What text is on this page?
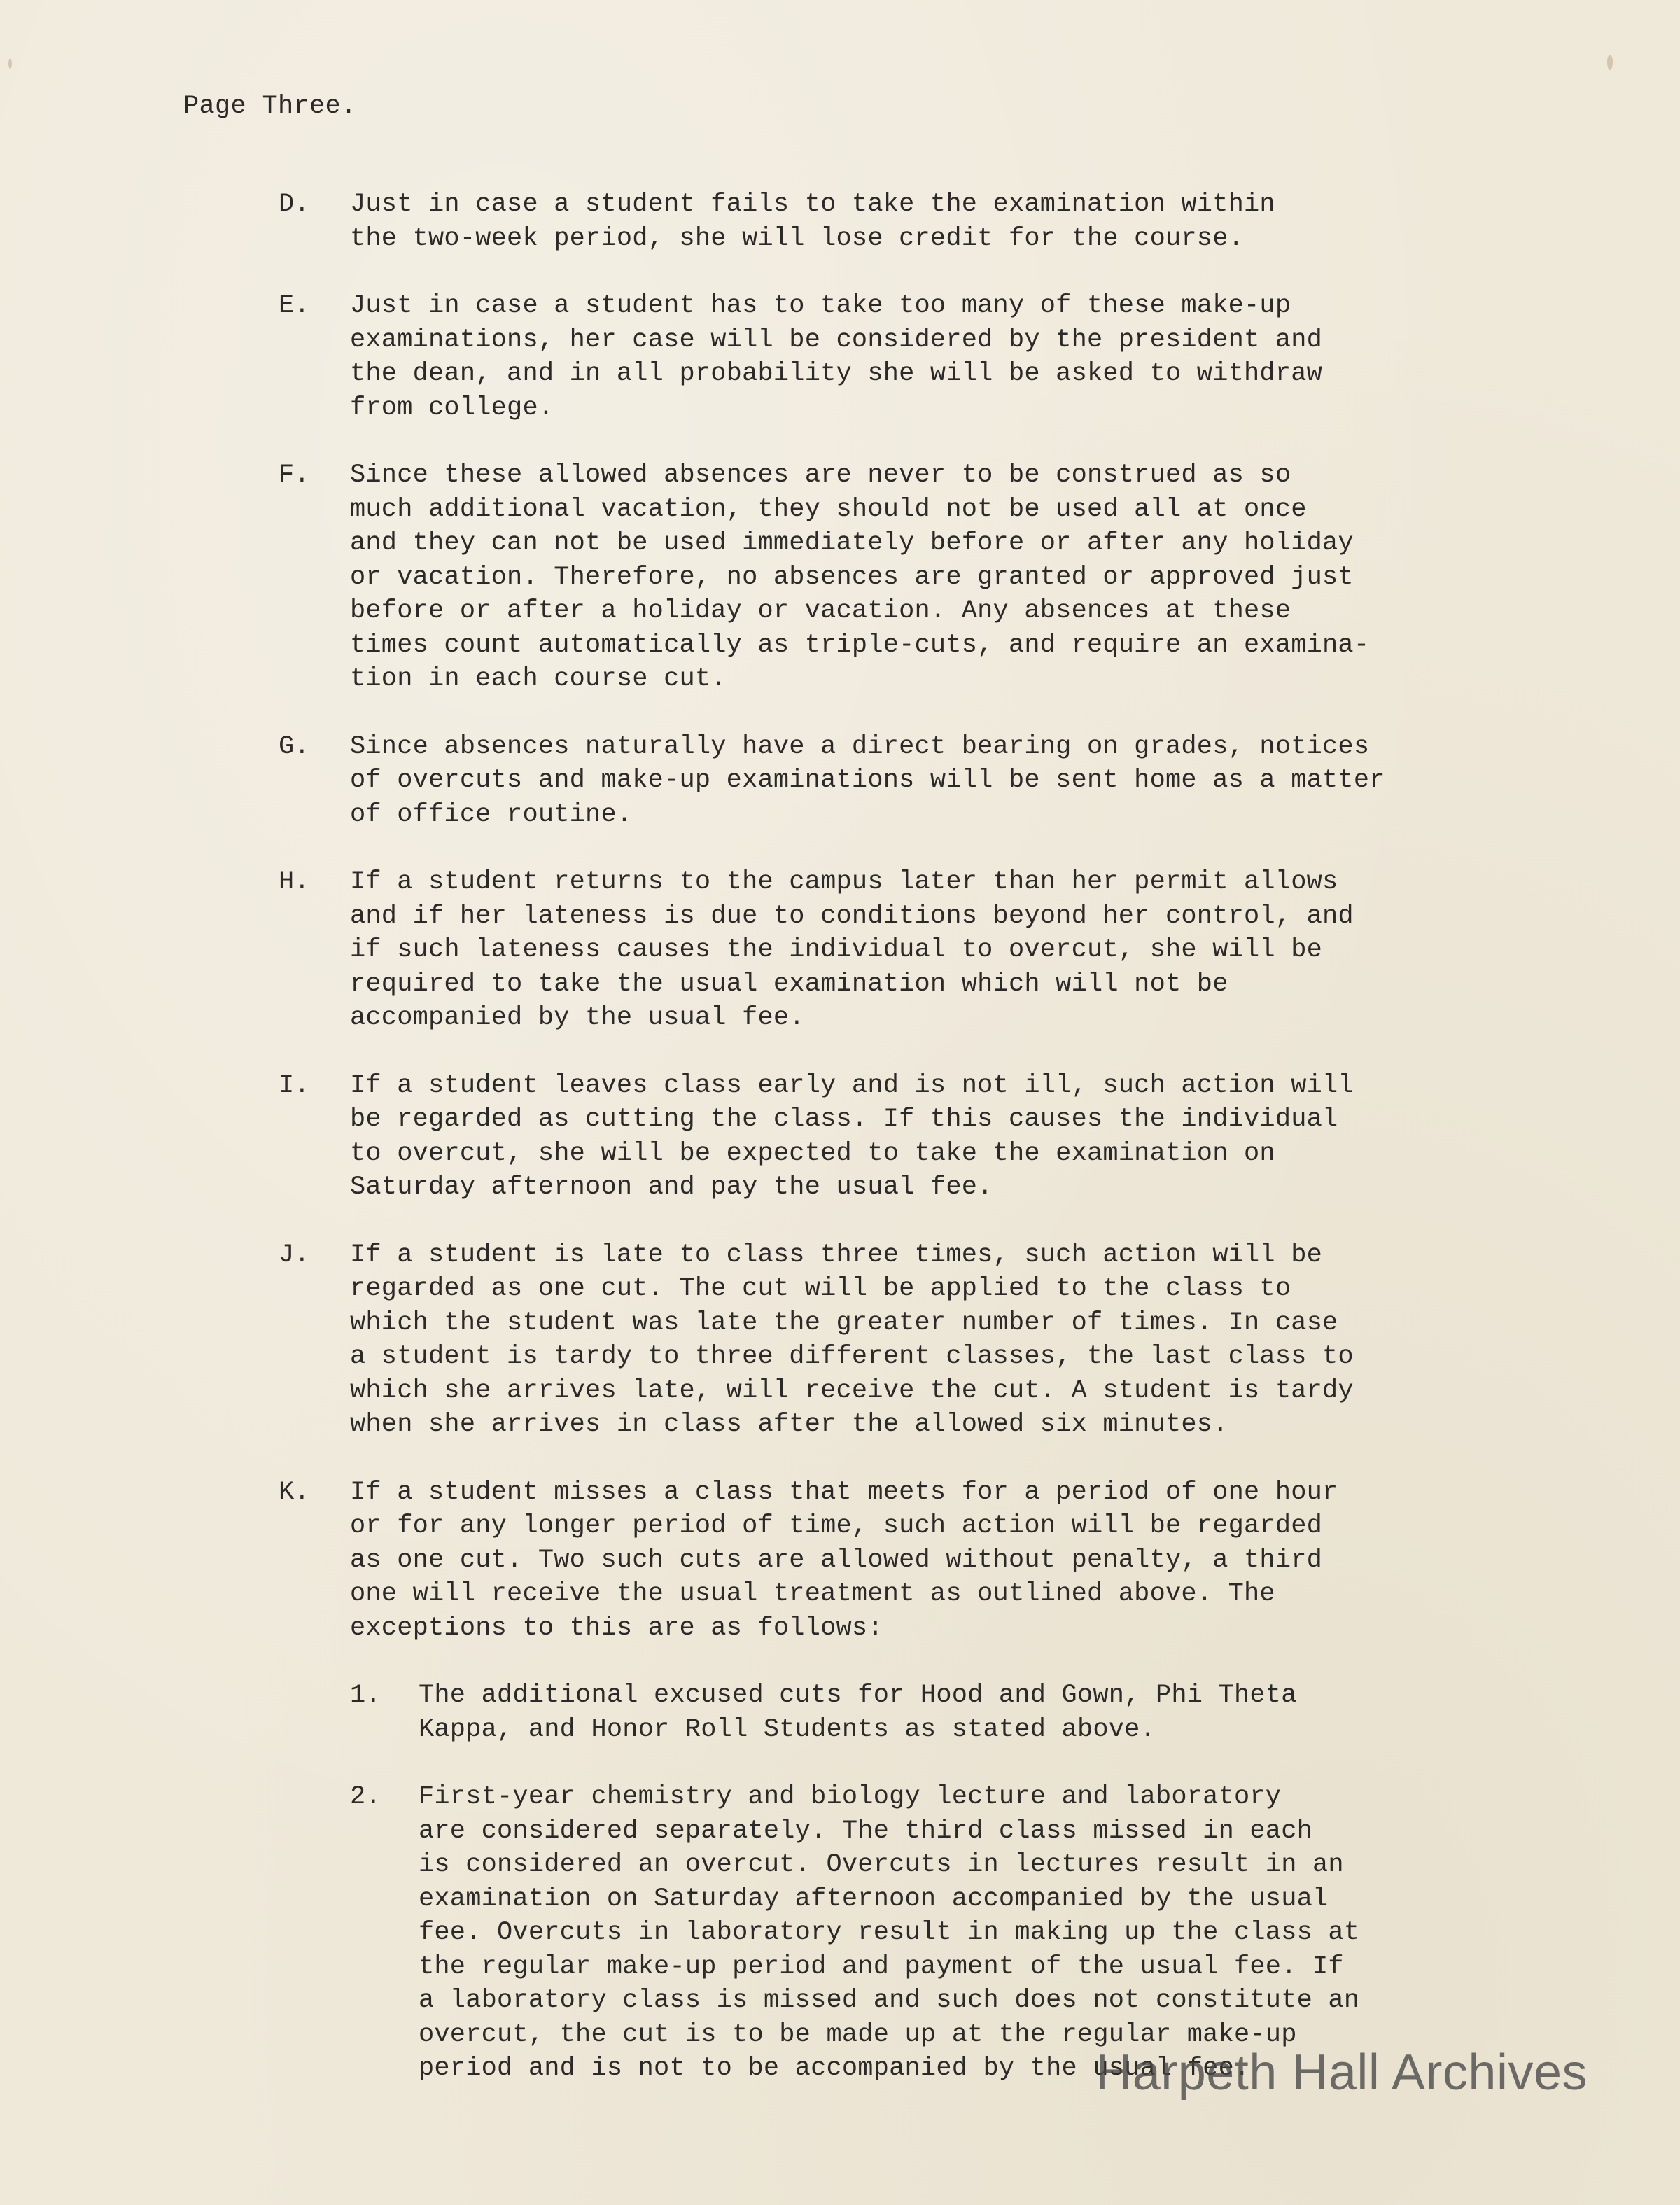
Page Three.
D. Just in case a student fails to take the examination within
the two-week period, she will lose credit for the course.
E. Just in case a student has to take too many of these make-up
examinations, her case will be considered by the president and
the dean, and in all probability she will be asked to withdraw
from college.
F. Since these allowed absences are never to be construed as so
much additional vacation, they should not be used all at once
and they can not be used immediately before or after any holiday
or vacation. Therefore, no absences are granted or approved just
before or after a holiday or vacation. Any absences at these
times count automatically as triple-cuts, and require an examina-
tion in each course cut.
G. Since absences naturally have a direct bearing on grades, notices
of overcuts and make-up examinations will be sent home as a matter
of office routine.
H. If a student returns to the campus later than her permit allows
and if her lateness is due to conditions beyond her control, and
if such lateness causes the individual to overcut, she will be
required to take the usual examination which will not be
accompanied by the usual fee.
I. If a student leaves class early and is not ill, such action will
be regarded as cutting the class. If this causes the individual
to overcut, she will be expected to take the examination on
Saturday afternoon and pay the usual fee.
J. If a student is late to class three times, such action will be
regarded as one cut. The cut will be applied to the class to
which the student was late the greater number of times. In case
a student is tardy to three different classes, the last class to
which she arrives late, will receive the cut. A student is tardy
when she arrives in class after the allowed six minutes.
K. If a student misses a class that meets for a period of one hour
or for any longer period of time, such action will be regarded
as one cut. Two such cuts are allowed without penalty, a third
one will receive the usual treatment as outlined above. The
exceptions to this are as follows:
1. The additional excused cuts for Hood and Gown, Phi Theta
Kappa, and Honor Roll Students as stated above.
2. First-year chemistry and biology lecture and laboratory
are considered separately. The third class missed in each
is considered an overcut. Overcuts in lectures result in an
examination on Saturday afternoon accompanied by the usual
fee. Overcuts in laboratory result in making up the class at
the regular make-up period and payment of the usual fee. If
a laboratory class is missed and such does not constitute an
overcut, the cut is to be made up at the regular make-up
period and is not to be accompanied by the usual fee.
Harpeth Hall Archives
